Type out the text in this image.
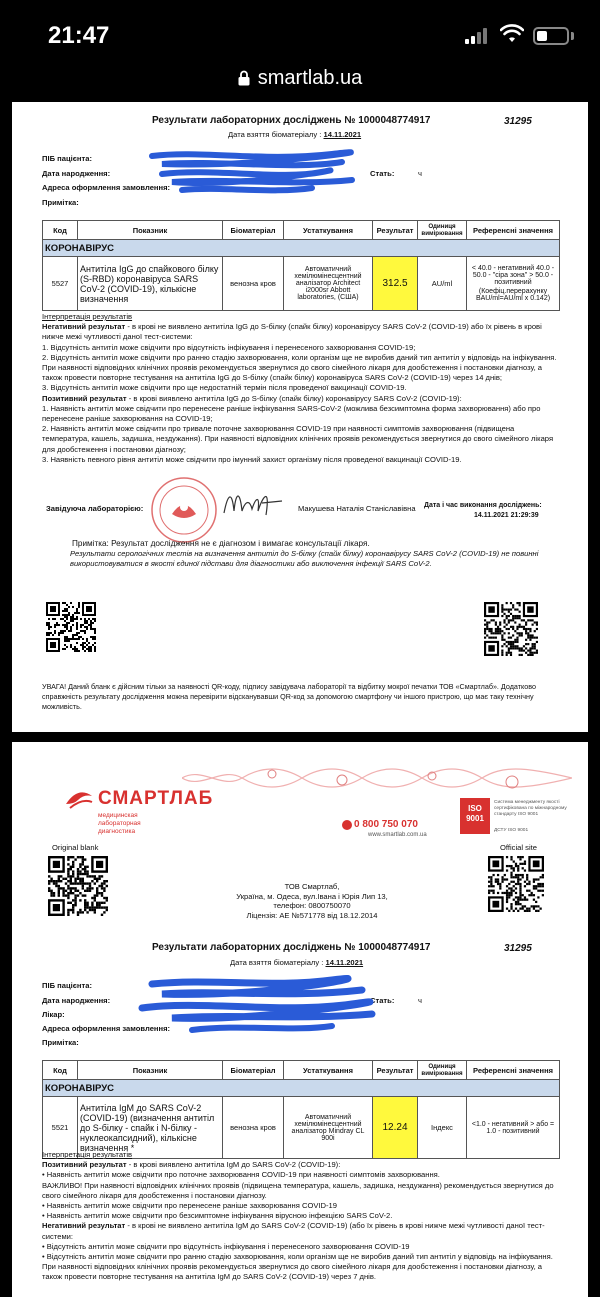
21:47
smartlab.ua
Результати лабораторних досліджень № 1000048774917	31295
Дата взяття біоматеріалу : 14.11.2021
ПІБ пацієнта:
Дата народження:
Адреса оформлення замовлення:
Примітка:
Стать:	ч
Код	Показник	Біоматеріал	Устаткування	Результат	Одиниця вимірювання	Референсні значення
КОРОНАВІРУС						
5527	Антитіла IgG до спайкового білку (S-RBD) коронавіруса SARS CoV-2 (COVID-19), кількісне визначення	венозна кров	Автоматичний хемілюмінесцентний аналізатор Architect i2000sr Abbott laboratories, (США)	312.5	AU/ml	< 40.0 - негативний 40.0 - 50.0 - "сіра зона" > 50.0 - позитивний
(Коефіц.перерахунку BAU/ml=AU/ml x 0.142)

Інтерпретація результатів

Негативний результат - в крові не виявлено антитіла IgG до S-білку (спайк білку) коронавірусу SARS CoV-2 (COVID-19) або їх рівень в крові нижче межі чутливості даної тест-системи:

1. Відсутність антитіл може свідчити про відсутність інфікування і перенесеного захворювання COVID-19;

2. Відсутність антитіл може свідчити про ранню стадію захворювання, коли організм ще не виробив даний тип антитіл у відповідь на інфікування. При наявності відповідних клінічних проявів рекомендується звернутися до свого сімейного лікаря для дообстеження і постановки діагнозу, а також провести повторне тестування на антитіла IgG до S-білку (спайк білку) коронавіруса SARS CoV-2 (COVID-19) через 14 днів;

3. Відсутність антитіл може свідчити про ще недостатній термін після проведеної вакцинації COVID-19.

Позитивний результат - в крові виявлено антитіла IgG до S-білку (спайк білку) коронавірусу SARS CoV-2 (COVID-19):

1. Наявність антитіл може свідчити про перенесене раніше інфікування SARS-CoV-2 (можлива безсимптомна форма захворювання) або про перенесене раніше захворювання на COVID-19;

2. Наявність антитіл може свідчити про тривале поточне захворювання COVID-19 при наявності симптомів захворювання (підвищена температура, кашель, задишка, нездужання). При наявності відповідних клінічних проявів рекомендується звернутися до свого сімейного лікаря для дообстеження і постановки діагнозу;

3. Наявність певного рівня антитіл може свідчити про імунний захист організму після проведеної вакцинації COVID-19.

Завідуюча лабораторією:	Макушева Наталія Станіславівна Дата і час виконання досліджень:
14.11.2021 21:29:39
Примітка: Результат дослідження не є діагнозом і вимагає консультації лікаря.
Результати серологічних тестів на визначення антитіл до S-білку (спайк білку) коронавірусу SARS CoV-2 (COVID-19) не повинні використовуватися в якості єдиної підстави для діагностики або виключення інфекції SARS CoV-2.
УВАГА! Даний бланк є дійсним тільки за наявності QR-коду, підпису завідувача лабораторії та відбитку мокрої печатки ТОВ «Смартлаб». Додатково справжність результату дослідження можна перевірити відсканувавши QR-код за допомогою смартфону чи іншого пристрою, що має таку технічну можливість.
СМАРТЛАБ
медицинская лабораторная диагностика
0 800 750 070
www.smartlab.com.ua
ISO 9001
Система менеджменту якості сертифікована по міжнародному стандарту ISO 9001
ДСТУ ISO 9001
Original blank	Official site
ТОВ Смартлаб,
Україна, м. Одеса, вул.Івана і Юрія Лип 13,
телефон: 0800750070
Ліцензія: АЕ №571778 від 18.12.2014
Результати лабораторних досліджень № 1000048774917	31295
Дата взяття біоматеріалу : 14.11.2021
ПІБ пацієнта:
Дата народження:
Лікар:
Адреса оформлення замовлення:
Примітка:
Стать:	ч
Код	Показник	Біоматеріал	Устаткування	Результат	Одиниця вимірювання	Референсні значення
КОРОНАВІРУС						
5521	Антитіла IgM до SARS CoV-2 (COVID-19) (визначення антитіл до S-білку - спайк і N-білку - нуклеокапсидний), кількісне визначення *	венозна кров	Автоматичний хемілюмінесцентний аналізатор Mindray CL 900i	12.24	Індекс	<1.0 - негативний > або = 1.0 - позитивний

Інтерпретація результатів

Позитивний результат - в крові виявлено антитіла IgM до SARS CoV-2 (COVID-19):

• Наявність антитіл може свідчити про поточне захворювання COVID-19 при наявності симптомів захворювання.

ВАЖЛИВО! При наявності відповідних клінічних проявів (підвищена температура, кашель, задишка, нездужання) рекомендується звернутися до свого сімейного лікаря для дообстеження і постановки діагнозу.

• Наявність антитіл може свідчити про перенесене раніше захворювання COVID-19

• Наявність антитіл може свідчити про безсимптомне інфікування вірусною інфекцією SARS CoV-2.

Негативний результат - в крові не виявлено антитіла IgM до SARS CoV-2 (COVID-19) (або їх рівень в крові нижче межі чутливості даної тест-системи:

• Відсутність антитіл може свідчити про відсутність інфікування і перенесеного захворювання COVID-19

• Відсутність антитіл може свідчити про ранню стадію захворювання, коли організм ще не виробив даний тип антитіл у відповідь на інфікування.

При наявності відповідних клінічних проявів рекомендується звернутися до свого сімейного лікаря для дообстеження і постановки діагнозу, а також провести повторне тестування на антитіла IgM до SARS CoV-2 (COVID-19) через 7 днів.
